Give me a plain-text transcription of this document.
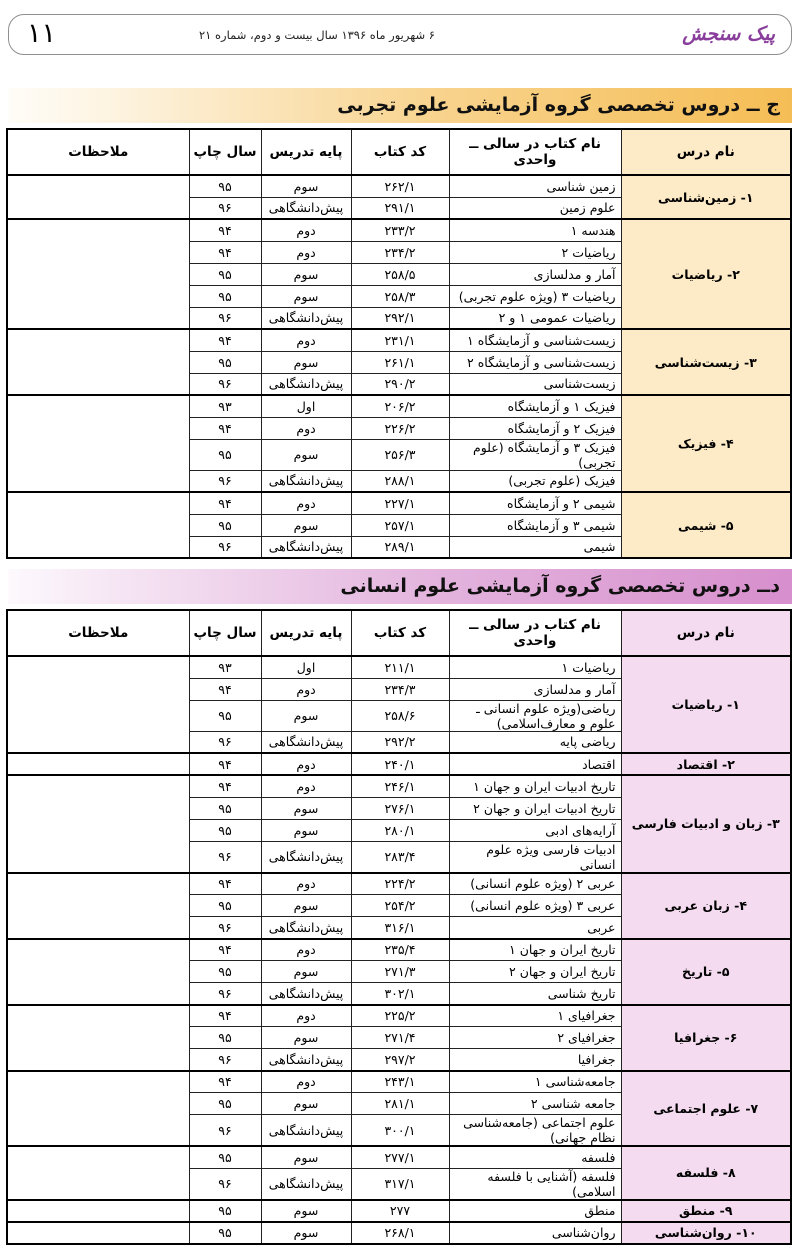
پیک سنجش
۶ شهریور ماه ۱۳۹۶ سال بیست و دوم، شماره ۲۱
۱۱
ج ــ دروس تخصصی گروه آزمایشی علوم تجربی
نام درس	نام کتاب در سالی ــ واحدی	کد کتاب	پایه تدریس	سال چاپ	ملاحظات
۱- زمین‌شناسی	زمین شناسی	۲۶۲/۱	سوم	۹۵	
	علوم زمین	۲۹۱/۱	پیش‌دانشگاهی	۹۶	
۲- ریاضیات	هندسه ۱	۲۳۳/۲	دوم	۹۴	
	ریاضیات ۲	۲۳۴/۲	دوم	۹۴	
	آمار و مدلسازی	۲۵۸/۵	سوم	۹۵	
	ریاضیات ۳ (ویژه علوم تجربی)	۲۵۸/۳	سوم	۹۵	
	ریاضیات عمومی ۱ و ۲	۲۹۲/۱	پیش‌دانشگاهی	۹۶	
۳- زیست‌شناسی	زیست‌شناسی و آزمایشگاه ۱	۲۳۱/۱	دوم	۹۴	
	زیست‌شناسی و آزمایشگاه ۲	۲۶۱/۱	سوم	۹۵	
	زیست‌شناسی	۲۹۰/۲	پیش‌دانشگاهی	۹۶	
۴- فیزیک	فیزیک ۱ و آزمایشگاه	۲۰۶/۲	اول	۹۳	
	فیزیک ۲ و آزمایشگاه	۲۲۶/۲	دوم	۹۴	
	فیزیک ۳ و آزمایشگاه (علوم تجربی)	۲۵۶/۳	سوم	۹۵	
	فیزیک (علوم تجربی)	۲۸۸/۱	پیش‌دانشگاهی	۹۶	
۵- شیمی	شیمی ۲ و آزمایشگاه	۲۲۷/۱	دوم	۹۴	
	شیمی ۳ و آزمایشگاه	۲۵۷/۱	سوم	۹۵	
	شیمی	۲۸۹/۱	پیش‌دانشگاهی	۹۶	
دــ دروس تخصصی گروه آزمایشی علوم انسانی
نام درس	نام کتاب در سالی ــ واحدی	کد کتاب	پایه تدریس	سال چاپ	ملاحظات
۱- ریاضیات	ریاضیات ۱	۲۱۱/۱	اول	۹۳	
	آمار و مدلسازی	۲۳۴/۳	دوم	۹۴	
	ریاضی(ویژه علوم انسانی ـ علوم و معارف‌اسلامی)	۲۵۸/۶	سوم	۹۵	
	ریاضی پایه	۲۹۲/۲	پیش‌دانشگاهی	۹۶	
۲- اقتصاد	اقتصاد	۲۴۰/۱	دوم	۹۴	
۳- زبان و ادبیات فارسی	تاریخ ادبیات ایران و جهان ۱	۲۴۶/۱	دوم	۹۴	
	تاریخ ادبیات ایران و جهان ۲	۲۷۶/۱	سوم	۹۵	
	آرایه‌های ادبی	۲۸۰/۱	سوم	۹۵	
	ادبیات فارسی ویژه علوم انسانی	۲۸۳/۴	پیش‌دانشگاهی	۹۶	
۴- زبان عربی	عربی ۲ (ویژه علوم انسانی)	۲۲۴/۲	دوم	۹۴	
	عربی ۳ (ویژه علوم انسانی)	۲۵۴/۲	سوم	۹۵	
	عربی	۳۱۶/۱	پیش‌دانشگاهی	۹۶	
۵- تاریخ	تاریخ ایران و جهان ۱	۲۳۵/۴	دوم	۹۴	
	تاریخ ایران و جهان ۲	۲۷۱/۳	سوم	۹۵	
	تاریخ شناسی	۳۰۲/۱	پیش‌دانشگاهی	۹۶	
۶- جغرافیا	جغرافیای ۱	۲۲۵/۲	دوم	۹۴	
	جغرافیای ۲	۲۷۱/۴	سوم	۹۵	
	جغرافیا	۲۹۷/۲	پیش‌دانشگاهی	۹۶	
۷- علوم اجتماعی	جامعه‌شناسی ۱	۲۴۳/۱	دوم	۹۴	
	جامعه شناسی ۲	۲۸۱/۱	سوم	۹۵	
	علوم اجتماعی (جامعه‌شناسی نظام جهانی)	۳۰۰/۱	پیش‌دانشگاهی	۹۶	
۸- فلسفه	فلسفه	۲۷۷/۱	سوم	۹۵	
	فلسفه (آشنایی با فلسفه اسلامی)	۳۱۷/۱	پیش‌دانشگاهی	۹۶	
۹- منطق	منطق	۲۷۷	سوم	۹۵	
۱۰- روان‌شناسی	روان‌شناسی	۲۶۸/۱	سوم	۹۵	
